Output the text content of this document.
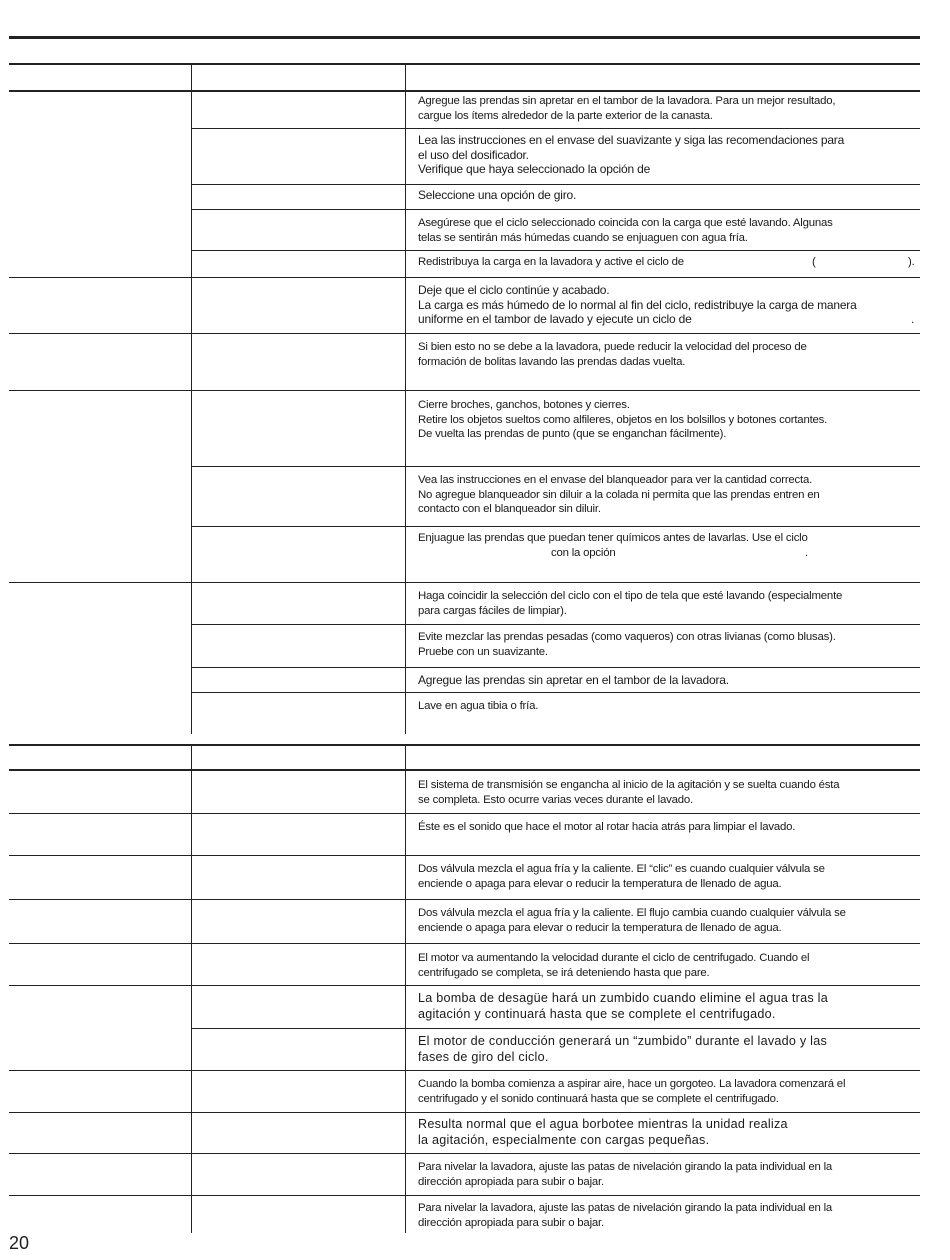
Agregue las prendas sin apretar en el tambor de la lavadora. Para un mejor resultado,
cargue los ítems alrededor de la parte exterior de la canasta.
Lea las instrucciones en el envase del suavizante y siga las recomendaciones para
el uso del dosificador.
Verifique que haya seleccionado la opción de
Seleccione una opción de giro.
Asegúrese que el ciclo seleccionado coincida con la carga que esté lavando. Algunas
telas se sentirán más húmedas cuando se enjuaguen con agua fría.
Redistribuya la carga en la lavadora y active el ciclo de	(	).
Deje que el ciclo continúe y acabado.
La carga es más húmedo de lo normal al fin del ciclo, redistribuye la carga de manera
uniforme en el tambor de lavado y ejecute un ciclo de	.
Si bien esto no se debe a la lavadora, puede reducir la velocidad del proceso de
formación de bolitas lavando las prendas dadas vuelta.
Cierre broches, ganchos, botones y cierres.
Retire los objetos sueltos como alfileres, objetos en los bolsillos y botones cortantes.
De vuelta las prendas de punto (que se enganchan fácilmente).
Vea las instrucciones en el envase del blanqueador para ver la cantidad correcta.
No agregue blanqueador sin diluir a la colada ni permita que las prendas entren en
contacto con el blanqueador sin diluir.
Enjuague las prendas que puedan tener químicos antes de lavarlas. Use el ciclo
con la opción	.
Haga coincidir la selección del ciclo con el tipo de tela que esté lavando (especialmente
para cargas fáciles de limpiar).
Evite mezclar las prendas pesadas (como vaqueros) con otras livianas (como blusas).
Pruebe con un suavizante.
Agregue las prendas sin apretar en el tambor de la lavadora.
Lave en agua tibia o fría.
El sistema de transmisión se engancha al inicio de la agitación y se suelta cuando ésta
se completa. Esto ocurre varias veces durante el lavado.
Éste es el sonido que hace el motor al rotar hacia atrás para limpiar el lavado.
Dos válvula mezcla el agua fría y la caliente. El “clic” es cuando cualquier válvula se
enciende o apaga para elevar o reducir la temperatura de llenado de agua.
Dos válvula mezcla el agua fría y la caliente. El flujo cambia cuando cualquier válvula se
enciende o apaga para elevar o reducir la temperatura de llenado de agua.
El motor va aumentando la velocidad durante el ciclo de centrifugado. Cuando el
centrifugado se completa, se irá deteniendo hasta que pare.
La bomba de desagüe hará un zumbido cuando elimine el agua tras la
agitación y continuará hasta que se complete el centrifugado.
El motor de conducción generará un “zumbido” durante el lavado y las
fases de giro del ciclo.
Cuando la bomba comienza a aspirar aire, hace un gorgoteo. La lavadora comenzará el
centrifugado y el sonido continuará hasta que se complete el centrifugado.
Resulta normal que el agua borbotee mientras la unidad realiza
la agitación, especialmente con cargas pequeñas.
Para nivelar la lavadora, ajuste las patas de nivelación girando la pata individual en la
dirección apropiada para subir o bajar.
Para nivelar la lavadora, ajuste las patas de nivelación girando la pata individual en la
dirección apropiada para subir o bajar.
20
